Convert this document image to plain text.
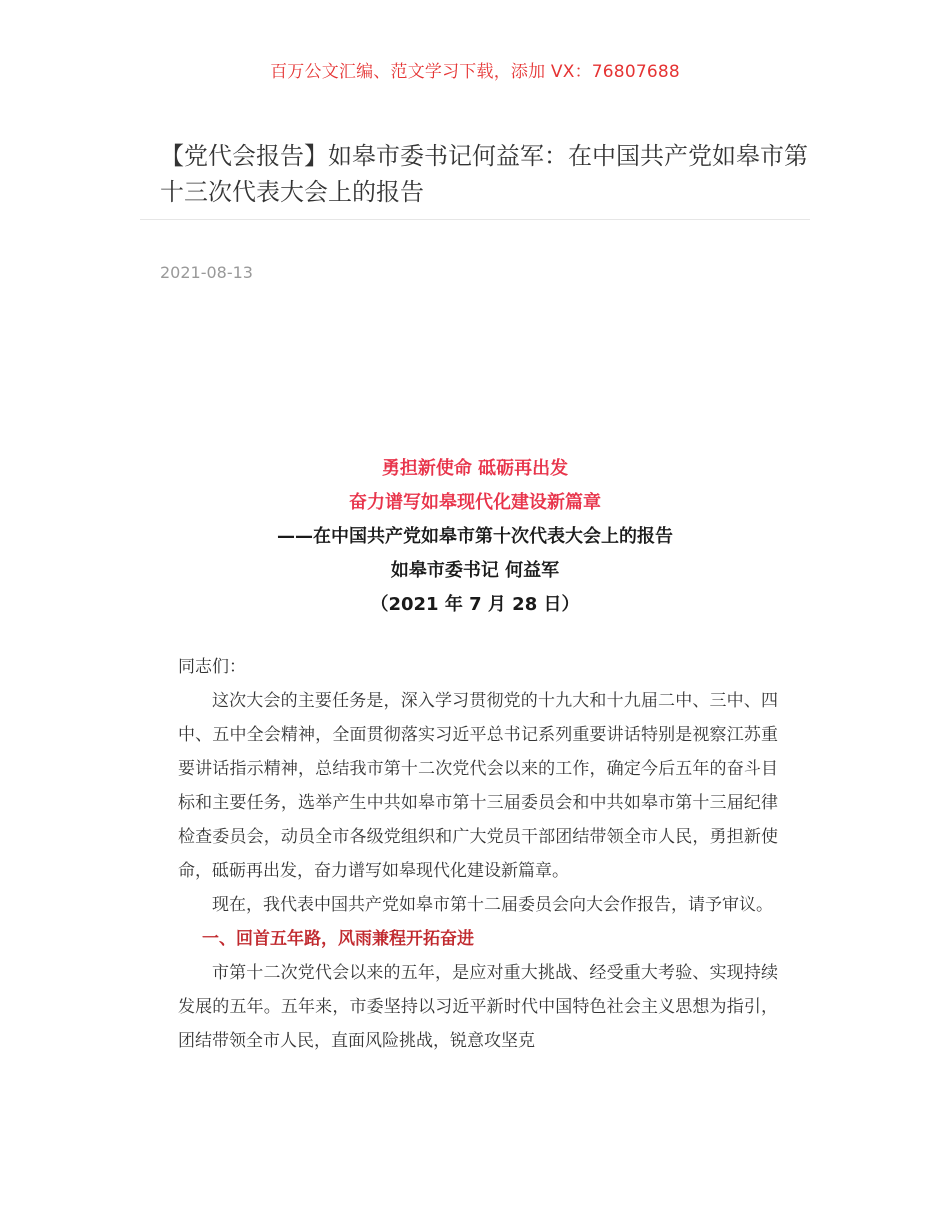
百万公文汇编、范文学习下载，添加 VX：76807688
【党代会报告】如皋市委书记何益军：在中国共产党如皋市第十三次代表大会上的报告
2021-08-13
勇担新使命 砥砺再出发
奋力谱写如皋现代化建设新篇章
——在中国共产党如皋市第十次代表大会上的报告
如皋市委书记 何益军
（2021 年 7 月 28 日）

同志们：

这次大会的主要任务是，深入学习贯彻党的十九大和十九届二中、三中、四中、五中全会精神，全面贯彻落实习近平总书记系列重要讲话特别是视察江苏重要讲话指示精神，总结我市第十二次党代会以来的工作，确定今后五年的奋斗目标和主要任务，选举产生中共如皋市第十三届委员会和中共如皋市第十三届纪律检查委员会，动员全市各级党组织和广大党员干部团结带领全市人民，勇担新使命，砥砺再出发，奋力谱写如皋现代化建设新篇章。

现在，我代表中国共产党如皋市第十二届委员会向大会作报告，请予审议。

一、回首五年路，风雨兼程开拓奋进

市第十二次党代会以来的五年，是应对重大挑战、经受重大考验、实现持续发展的五年。五年来，市委坚持以习近平新时代中国特色社会主义思想为指引，团结带领全市人民，直面风险挑战，锐意攻坚克
